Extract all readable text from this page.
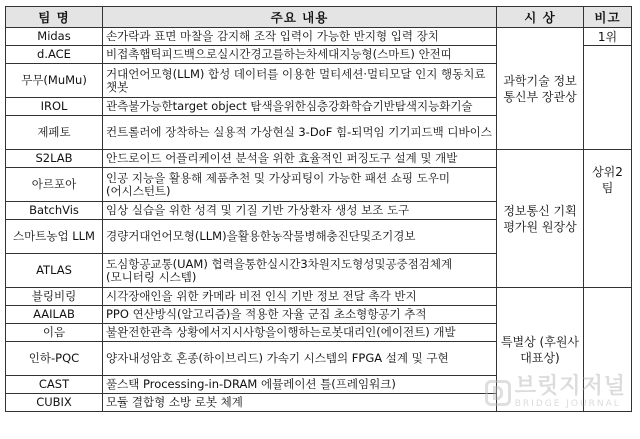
팀 명	주요 내용	시 상	비고
Midas	손가락과 표면 마찰을 감지해 조작 입력이 가능한 반지형 입력 장치	과학기술 정보통신부 장관상	1위
d.ACE	비접촉햅틱피드백으로실시간경고를하는차세대지능형(스마트) 안전띠		
무무(MuMu)	거대언어모형(LLM) 합성 데이터를 이용한 멀티세션·멀티모달 인지 행동치료 챗봇		
IROL	관측불가능한target object 탐색을위한심층강화학습기반탐색지능화기술		
제페토	컨트롤러에 장착하는 실용적 가상현실 3-DoF 힘-되먹임 기기피드백 디바이스		
S2LAB	안드로이드 어플리케이션 분석을 위한 효율적인 퍼징도구 설계 및 개발	정보통신 기획평가원 원장상	상위2팀
아르포아	인공 지능을 활용해 제품추천 및 가상피팅이 가능한 패션 쇼핑 도우미(어시스턴트)		
BatchVis	임상 실습을 위한 성격 및 기질 기반 가상환자 생성 보조 도구		
스마트농업 LLM	경량거대언어모형(LLM)을활용한농작물병해충진단및조기경보		
ATLAS	도심항공교통(UAM) 협력을통한실시간3차원지도형성및공중점검체계(모니터링 시스템)		
블링비링	시각장애인을 위한 카메라 비전 인식 기반 정보 전달 촉각 반지	특별상 (후원사 대표상)	
AAILAB	PPO 연산방식(알고리즘)을 적용한 자율 군집 초소형항공기 추적		
이음	불완전한관측 상황에서지시사항을이행하는로봇대리인(에이전트) 개발		
인하-PQC	양자내성암호 혼종(하이브리드) 가속기 시스템의 FPGA 설계 및 구현		
CAST	풀스택 Processing-in-DRAM 에뮬레이션 틀(프레임워크)		
CUBIX	모듈 결합형 소방 로봇 체계		
브릿지저널
BRIDGE JOURNAL
